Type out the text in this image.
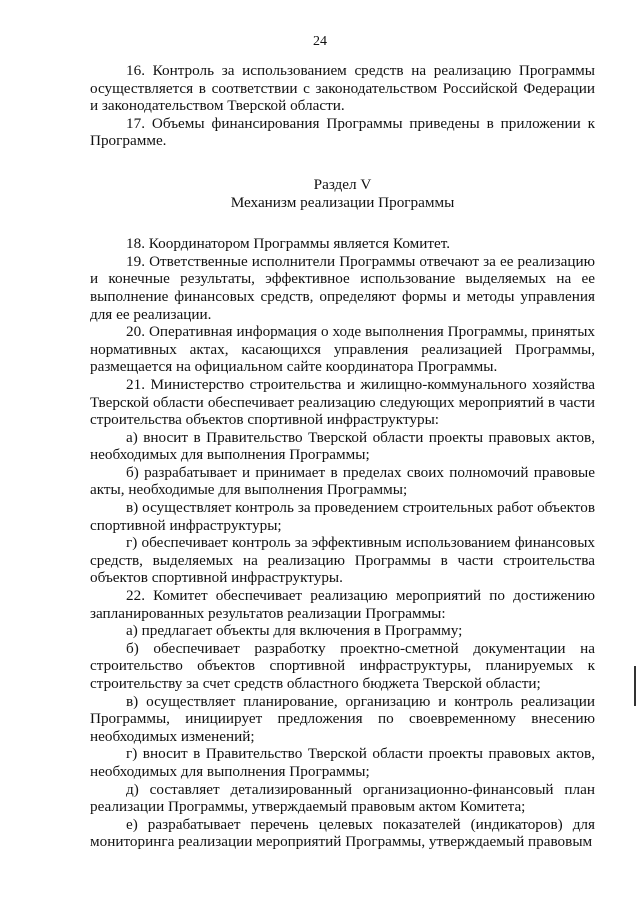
24

16. Контроль за использованием средств на реализацию Программы осуществляется в соответствии с законодательством Российской Федерации и законодательством Тверской области.

17. Объемы финансирования Программы приведены в приложении к Программе.

Раздел V

Механизм реализации Программы

18. Координатором Программы является Комитет.

19. Ответственные исполнители Программы отвечают за ее реализацию и конечные результаты, эффективное использование выделяемых на ее выполнение финансовых средств, определяют формы и методы управления для ее реализации.

20. Оперативная информация о ходе выполнения Программы, принятых нормативных актах, касающихся управления реализацией Программы, размещается на официальном сайте координатора Программы.

21. Министерство строительства и жилищно-коммунального хозяйства Тверской области обеспечивает реализацию следующих мероприятий в части строительства объектов спортивной инфраструктуры:

а) вносит в Правительство Тверской области проекты правовых актов, необходимых для выполнения Программы;

б) разрабатывает и принимает в пределах своих полномочий правовые акты, необходимые для выполнения Программы;

в) осуществляет контроль за проведением строительных работ объектов спортивной инфраструктуры;

г) обеспечивает контроль за эффективным использованием финансовых средств, выделяемых на реализацию Программы в части строительства объектов спортивной инфраструктуры.

22. Комитет обеспечивает реализацию мероприятий по достижению запланированных результатов реализации Программы:

а) предлагает объекты для включения в Программу;

б) обеспечивает разработку проектно-сметной документации на строительство объектов спортивной инфраструктуры, планируемых к строительству за счет средств областного бюджета Тверской области;

в) осуществляет планирование, организацию и контроль реализации Программы, инициирует предложения по своевременному внесению необходимых изменений;

г) вносит в Правительство Тверской области проекты правовых актов, необходимых для выполнения Программы;

д) составляет детализированный организационно-финансовый план реализации Программы, утверждаемый правовым актом Комитета;

е) разрабатывает перечень целевых показателей (индикаторов) для мониторинга реализации мероприятий Программы, утверждаемый правовым
